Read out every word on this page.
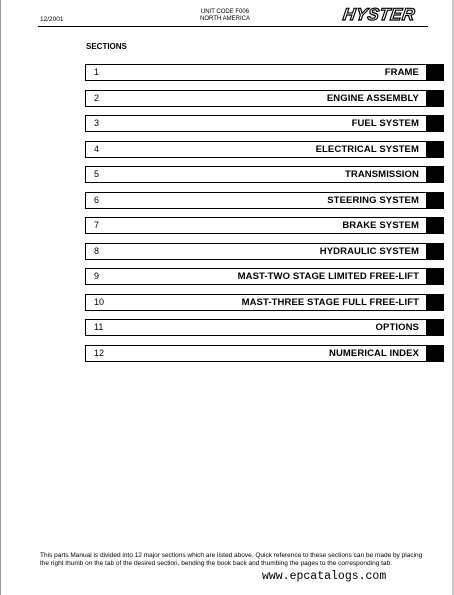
12/2001
UNIT CODE F006
NORTH AMERICA	HYSTER
SECTIONS
1	FRAME
2	ENGINE ASSEMBLY
3	FUEL SYSTEM
4	ELECTRICAL SYSTEM
5	TRANSMISSION
6	STEERING SYSTEM
7	BRAKE SYSTEM
8	HYDRAULIC SYSTEM
9	MAST-TWO STAGE LIMITED FREE-LIFT
10	MAST-THREE STAGE FULL FREE-LIFT
11	OPTIONS
12	NUMERICAL INDEX
This parts Manual is divided into 12 major sections which are listed above. Quick reference to these sections can be made by placing the right thumb on the tab of the desired section, bending the book back and thumbing the pages to the corresponding tab.
www.epcatalogs.com
